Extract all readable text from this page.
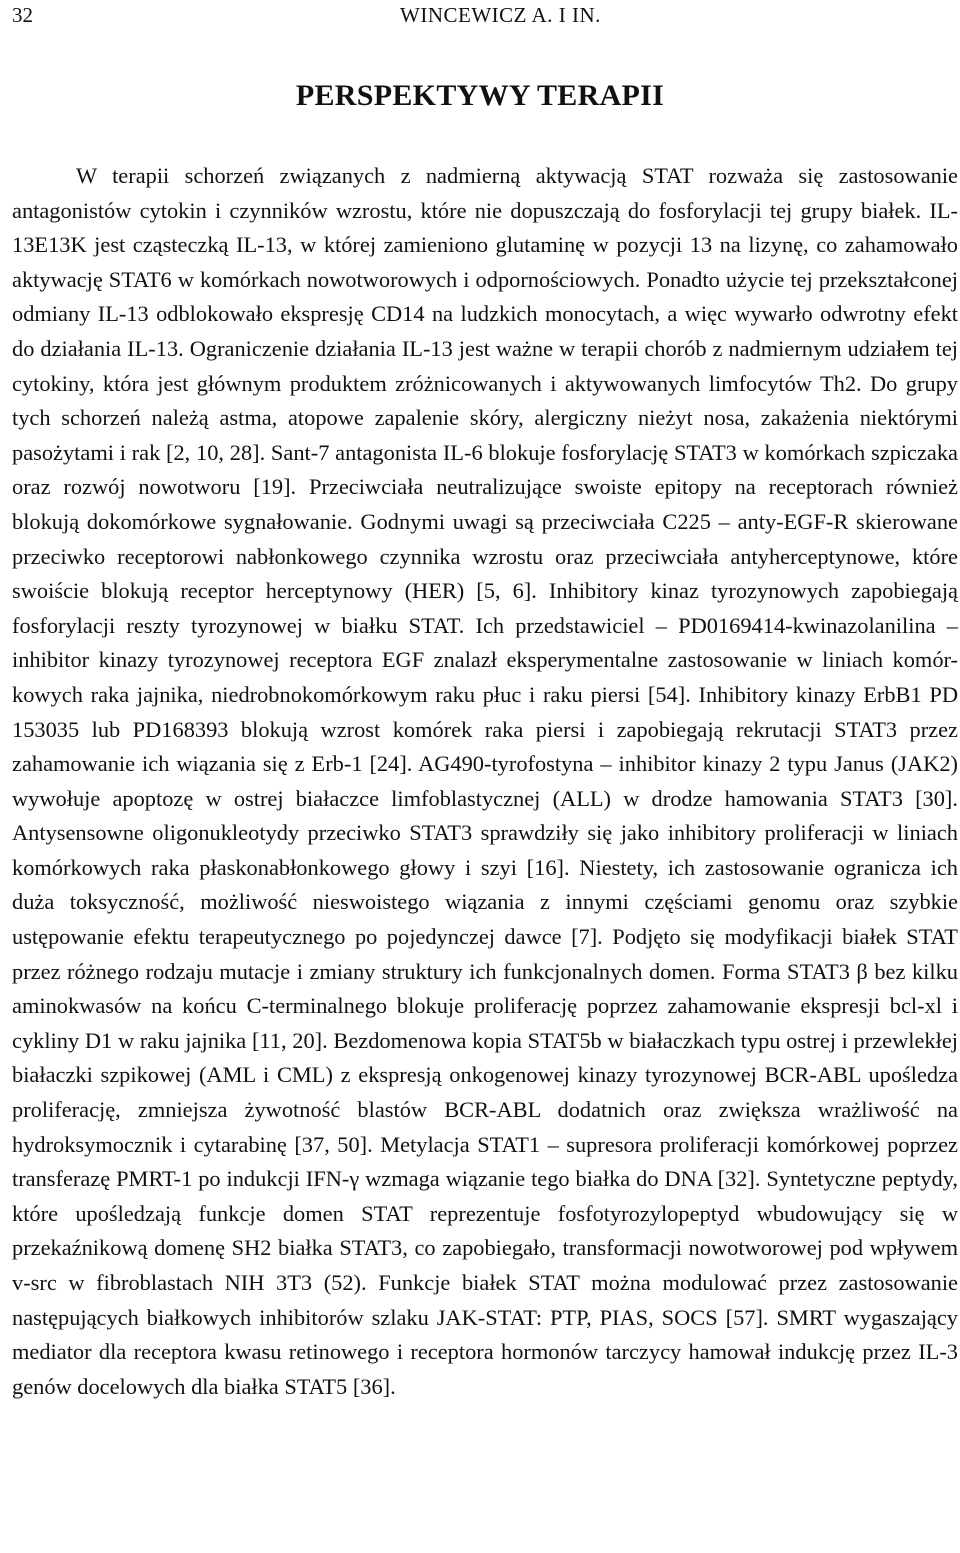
32	WINCEWICZ A. I IN.
PERSPEKTYWY TERAPII

W terapii schorzeń związanych z nadmierną aktywacją STAT rozważa się zastosowanie antagonistów cytokin i czynników wzrostu, które nie dopuszczają do fosforylacji tej grupy białek. IL-13E13K jest cząsteczką IL-13, w której zamieniono glutaminę w pozycji 13 na lizynę, co zahamowało aktywację STAT6 w komórkach nowotworowych i odpornościowych. Ponadto użycie tej przekształconej odmiany IL-13 odblokowało ekspresję CD14 na ludzkich monocytach, a więc wywarło odwrotny efekt do działania IL-13. Ograniczenie działania IL-13 jest ważne w terapii chorób z nadmiernym udziałem tej cytokiny, która jest głównym produktem zróżnicowanych i aktywowanych limfocytów Th2. Do grupy tych schorzeń należą astma, atopowe zapalenie skóry, alergiczny nieżyt nosa, zakażenia niektórymi pasożytami i rak [2, 10, 28]. Sant-7 antagonista IL-6 blokuje fosforylację STAT3 w komórkach szpiczaka oraz rozwój nowotworu [19]. Przeciwciała neutralizujące swoiste epitopy na receptorach również blokują dokomórkowe sygnałowanie. Godnymi uwagi są przeciwciała C225 – anty-EGF-R skierowane przeciwko receptorowi nabłonkowego czynnika wzrostu oraz przeciwciała antyherceptynowe, które swoiście blokują receptor herceptynowy (HER) [5, 6]. Inhibitory kinaz tyrozynowych zapobiegają fosforylacji reszty tyrozynowej w białku STAT. Ich przedstawiciel – PD0169414-kwinazolanilina – inhibitor kinazy tyrozynowej receptora EGF znalazł eksperymentalne zastosowanie w liniach komór-kowych raka jajnika, niedrobnokomórkowym raku płuc i raku piersi [54]. Inhibitory kinazy ErbB1 PD 153035 lub PD168393 blokują wzrost komórek raka piersi i zapobiegają rekrutacji STAT3 przez zahamowanie ich wiązania się z Erb-1 [24]. AG490-tyrofostyna – inhibitor kinazy 2 typu Janus (JAK2) wywołuje apoptozę w ostrej białaczce limfoblastycznej (ALL) w drodze hamowania STAT3 [30]. Antysensowne oligonukleotydy przeciwko STAT3 sprawdziły się jako inhibitory proliferacji w liniach komórkowych raka płaskonabłonkowego głowy i szyi [16]. Niestety, ich zastosowanie ogranicza ich duża toksyczność, możliwość nieswoistego wiązania z innymi częściami genomu oraz szybkie ustępowanie efektu terapeutycznego po pojedynczej dawce [7]. Podjęto się modyfikacji białek STAT przez różnego rodzaju mutacje i zmiany struktury ich funkcjonalnych domen. Forma STAT3 β bez kilku aminokwasów na końcu C-terminalnego blokuje proliferację poprzez zahamowanie ekspresji bcl-xl i cykliny D1 w raku jajnika [11, 20]. Bezdomenowa kopia STAT5b w białaczkach typu ostrej i przewlekłej białaczki szpikowej (AML i CML) z ekspresją onkogenowej kinazy tyrozynowej BCR-ABL upośledza proliferację, zmniejsza żywotność blastów BCR-ABL dodatnich oraz zwiększa wrażliwość na hydroksymocznik i cytarabinę [37, 50]. Metylacja STAT1 – supresora proliferacji komórkowej poprzez transferazę PMRT-1 po indukcji IFN-γ wzmaga wiązanie tego białka do DNA [32]. Syntetyczne peptydy, które upośledzają funkcje domen STAT reprezentuje fosfotyrozylopeptyd wbudowujący się w przekaźnikową domenę SH2 białka STAT3, co zapobiegało, transformacji nowotworowej pod wpływem v-src w fibroblastach NIH 3T3 (52). Funkcje białek STAT można modulować przez zastosowanie następujących białkowych inhibitorów szlaku JAK-STAT: PTP, PIAS, SOCS [57]. SMRT wygaszający mediator dla receptora kwasu retinowego i receptora hormonów tarczycy hamował indukcję przez IL-3 genów docelowych dla białka STAT5 [36].
